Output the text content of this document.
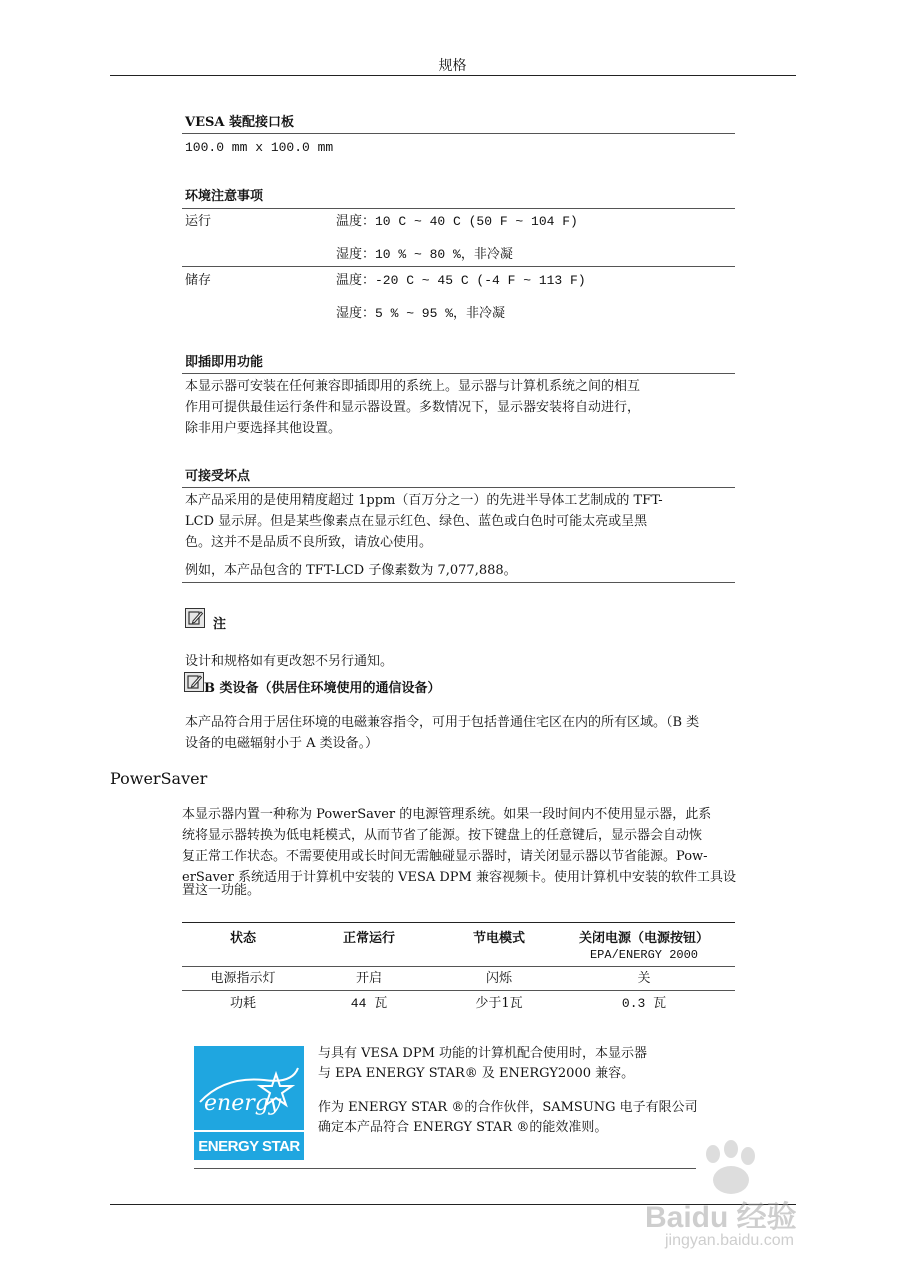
规格
VESA 装配接口板
100.0 mm x 100.0 mm
环境注意事项
运行	温度：10 C ~ 40 C (50 F ~ 104 F)
湿度：10 % ~ 80 %，非冷凝
储存	温度：-20 C ~ 45 C (-4 F ~ 113 F)
湿度：5 % ~ 95 %，非冷凝
即插即用功能
本显示器可安装在任何兼容即插即用的系统上。显示器与计算机系统之间的相互
作用可提供最佳运行条件和显示器设置。多数情况下，显示器安装将自动进行，
除非用户要选择其他设置。
可接受坏点
本产品采用的是使用精度超过 1ppm（百万分之一）的先进半导体工艺制成的 TFT-
LCD 显示屏。但是某些像素点在显示红色、绿色、蓝色或白色时可能太亮或呈黑
色。这并不是品质不良所致，请放心使用。
例如，本产品包含的 TFT-LCD 子像素数为 7,077,888。
注
设计和规格如有更改恕不另行通知。
B 类设备（供居住环境使用的通信设备）
本产品符合用于居住环境的电磁兼容指令，可用于包括普通住宅区在内的所有区域。（B 类
设备的电磁辐射小于 A 类设备。）
PowerSaver
本显示器内置一种称为 PowerSaver 的电源管理系统。如果一段时间内不使用显示器，此系
统将显示器转换为低电耗模式，从而节省了能源。按下键盘上的任意键后，显示器会自动恢
复正常工作状态。不需要使用或长时间无需触碰显示器时，请关闭显示器以节省能源。Pow-
erSaver 系统适用于计算机中安装的 VESA DPM 兼容视频卡。使用计算机中安装的软件工具设
置这一功能。
状态	正常运行	节电模式	关闭电源（电源按钮）
EPA/ENERGY 2000
电源指示灯	开启	闪烁	关
功耗	44 瓦	少于1瓦	0.3 瓦
energy
ENERGY STAR
与具有 VESA DPM 功能的计算机配合使用时，本显示器
与 EPA ENERGY STAR® 及 ENERGY2000 兼容。
作为 ENERGY STAR ®的合作伙伴，SAMSUNG 电子有限公司
确定本产品符合 ENERGY STAR ®的能效准则。
Baidu 经验
jingyan.baidu.com
